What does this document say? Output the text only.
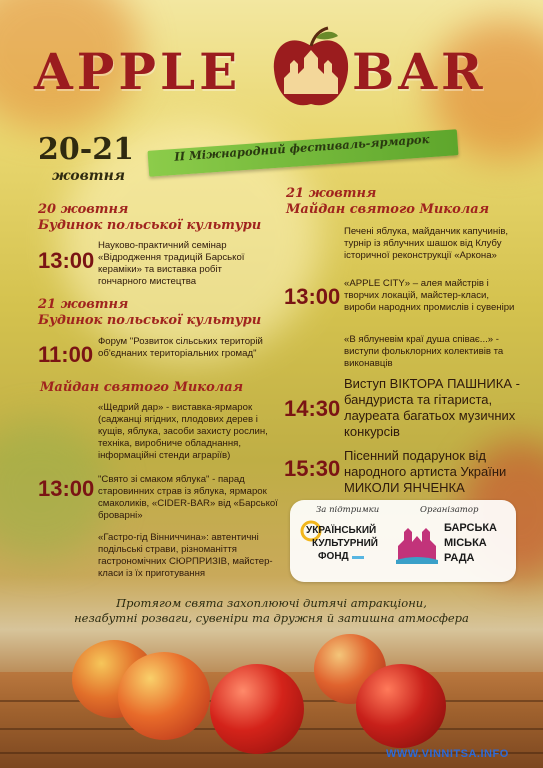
APPLE BAR
20-21
жовтня
II Міжнародний фестиваль-ярмарок
20 жовтня
Будинок польської культури
13:00
Науково-практичний семінар «Відродження традицій Барської кераміки» та виставка робіт гончарного мистецтва
21 жовтня
Будинок польської культури
11:00
Форум "Розвиток сільських територій об'єднаних територіальних громад"
Майдан святого Миколая
«Щедрий дар» - виставка-ярмарок (саджанці ягідних, плодових дерев і кущів, яблука, засоби захисту рослин, техніка, виробниче обладнання, інформаційні стенди аграріїв)
13:00 "Свято зі смаком яблука" - парад старовинних страв із яблука, ярмарок смаколиків, «CIDER-BAR» від «Барської броварні»
«Гастро-гід Вінниччина»: автентичні подільські страви, різноманіття гастрономічних СЮРПРИЗІВ, майстер-класи із їх приготування
21 жовтня
Майдан святого Миколая
Печені яблука, майданчик капучинів, турнір із яблучних шашок від Клубу історичної реконструкції «Аркона»
13:00
«APPLE CITY» – алея майстрів і творчих локацій, майстер-класи, вироби народних промислів і сувеніри
«В яблуневім краї душа співає...» - виступи фольклорних колективів та виконавців
14:30
Виступ ВІКТОРА ПАШНИКА - бандуриста та гітариста, лауреата багатьох музичних конкурсів
15:30
Пісенний подарунок від народного артиста України МИКОЛИ ЯНЧЕНКА
За підтримки	Організатор
УКРАЇНСЬКИЙ
КУЛЬТУРНИЙ
ФОНД
БАРСЬКА
МІСЬКА
РАДА
Протягом свята захоплюючі дитячі атракціони,
незабутні розваги, сувеніри та дружня й затишна атмосфера
WWW.VINNITSA.INFO
